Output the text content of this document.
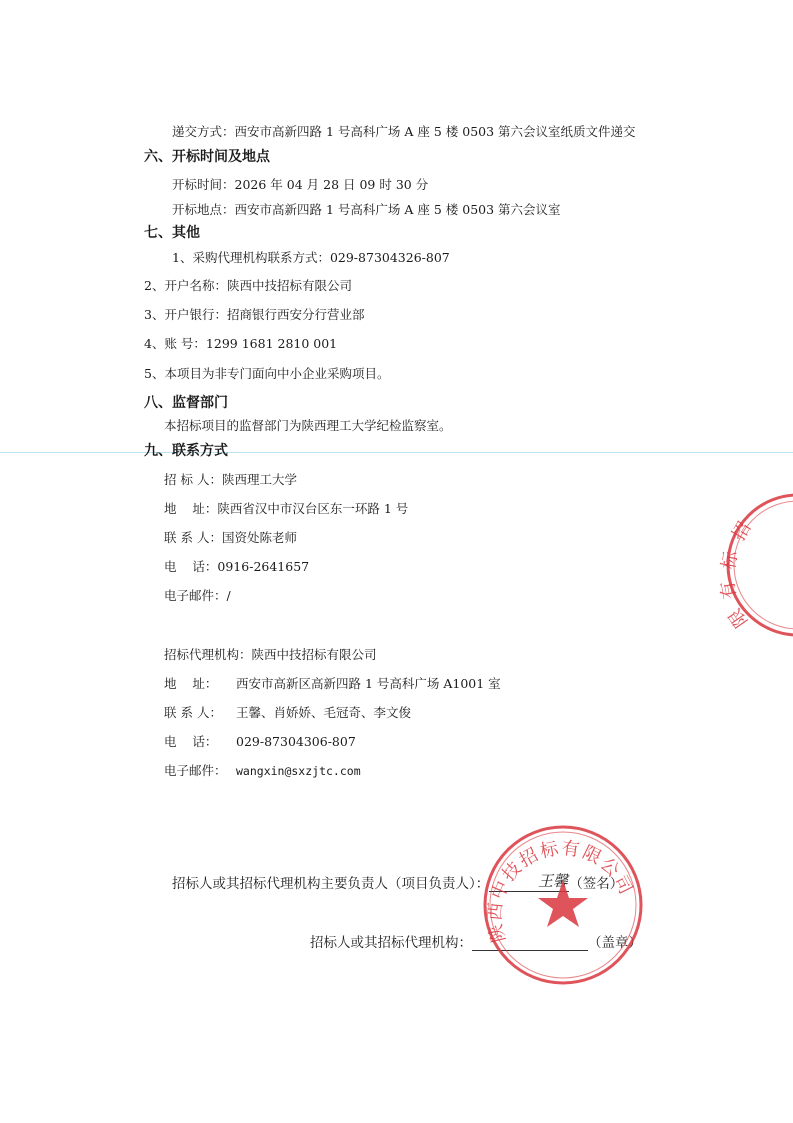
递交方式：西安市高新四路 1 号高科广场 A 座 5 楼 0503 第六会议室纸质文件递交
六、开标时间及地点
开标时间：2026 年 04 月 28 日 09 时 30 分
开标地点：西安市高新四路 1 号高科广场 A 座 5 楼 0503 第六会议室
七、其他
1、采购代理机构联系方式：029-87304326-807
2、开户名称：陕西中技招标有限公司
3、开户银行：招商银行西安分行营业部
4、账 号：1299 1681 2810 001
5、本项目为非专门面向中小企业采购项目。
八、监督部门
本招标项目的监督部门为陕西理工大学纪检监察室。
九、联系方式
招 标 人：陕西理工大学
地    址：陕西省汉中市汉台区东一环路 1 号
联 系 人：国资处陈老师
电    话：0916-2641657
电子邮件：/
招标代理机构：陕西中技招标有限公司
地    址： 西安市高新区高新四路 1 号高科广场 A1001 室
联 系 人： 王馨、肖娇娇、毛冠奇、李文俊
电    话： 029-87304306-807
电子邮件： wangxin@sxzjtc.com
招标人或其招标代理机构主要负责人（项目负责人）：	（签名）
王馨
招标人或其招标代理机构：	（盖章）
招
标
有
限
陕西中技招标有限公司
